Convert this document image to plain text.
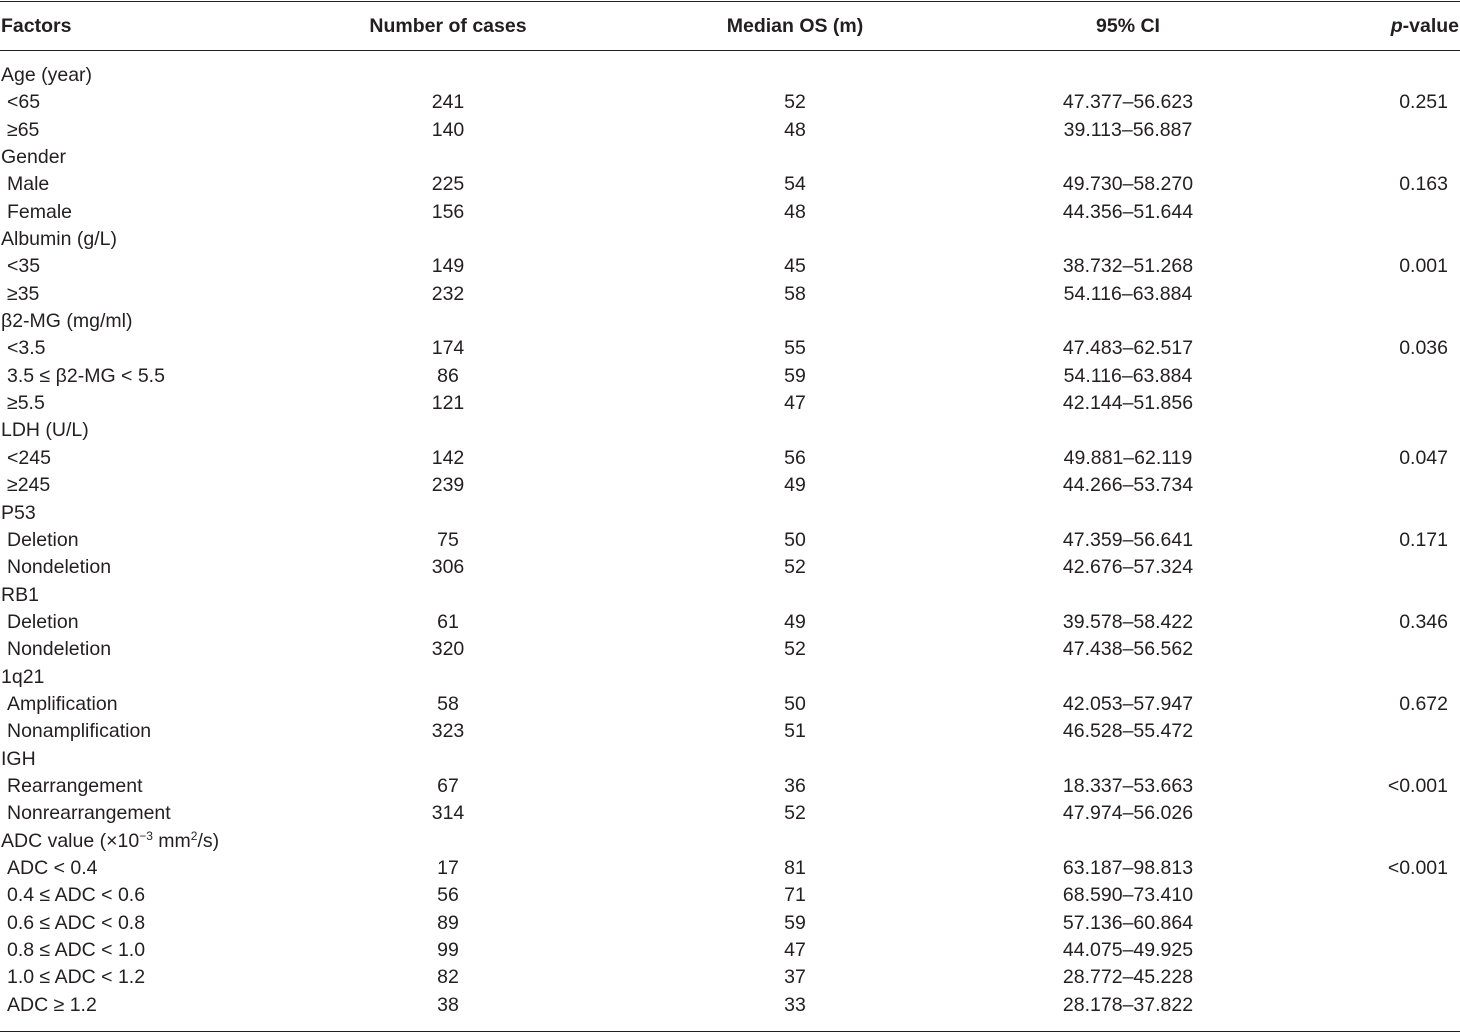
Factors	Number of cases	Median OS (m)	95% CI	p-value
Age (year)
<65	241	52	47.377–56.623	0.251
≥65	140	48	39.113–56.887
Gender
Male	225	54	49.730–58.270	0.163
Female	156	48	44.356–51.644
Albumin (g/L)
<35	149	45	38.732–51.268	0.001
≥35	232	58	54.116–63.884
β2-MG (mg/ml)
<3.5	174	55	47.483–62.517	0.036
3.5 ≤ β2-MG < 5.5	86	59	54.116–63.884
≥5.5	121	47	42.144–51.856
LDH (U/L)
<245	142	56	49.881–62.119	0.047
≥245	239	49	44.266–53.734
P53
Deletion	75	50	47.359–56.641	0.171
Nondeletion	306	52	42.676–57.324
RB1
Deletion	61	49	39.578–58.422	0.346
Nondeletion	320	52	47.438–56.562
1q21
Amplification	58	50	42.053–57.947	0.672
Nonamplification	323	51	46.528–55.472
IGH
Rearrangement	67	36	18.337–53.663	<0.001
Nonrearrangement	314	52	47.974–56.026
ADC value ($\times 10^{-3}$ $mm^2/s$)
ADC < 0.4	17	81	63.187–98.813	<0.001
0.4 ≤ ADC < 0.6	56	71	68.590–73.410
0.6 ≤ ADC < 0.8	89	59	57.136–60.864
0.8 ≤ ADC < 1.0	99	47	44.075–49.925
1.0 ≤ ADC < 1.2	82	37	28.772–45.228
ADC ≥ 1.2	38	33	28.178–37.822
